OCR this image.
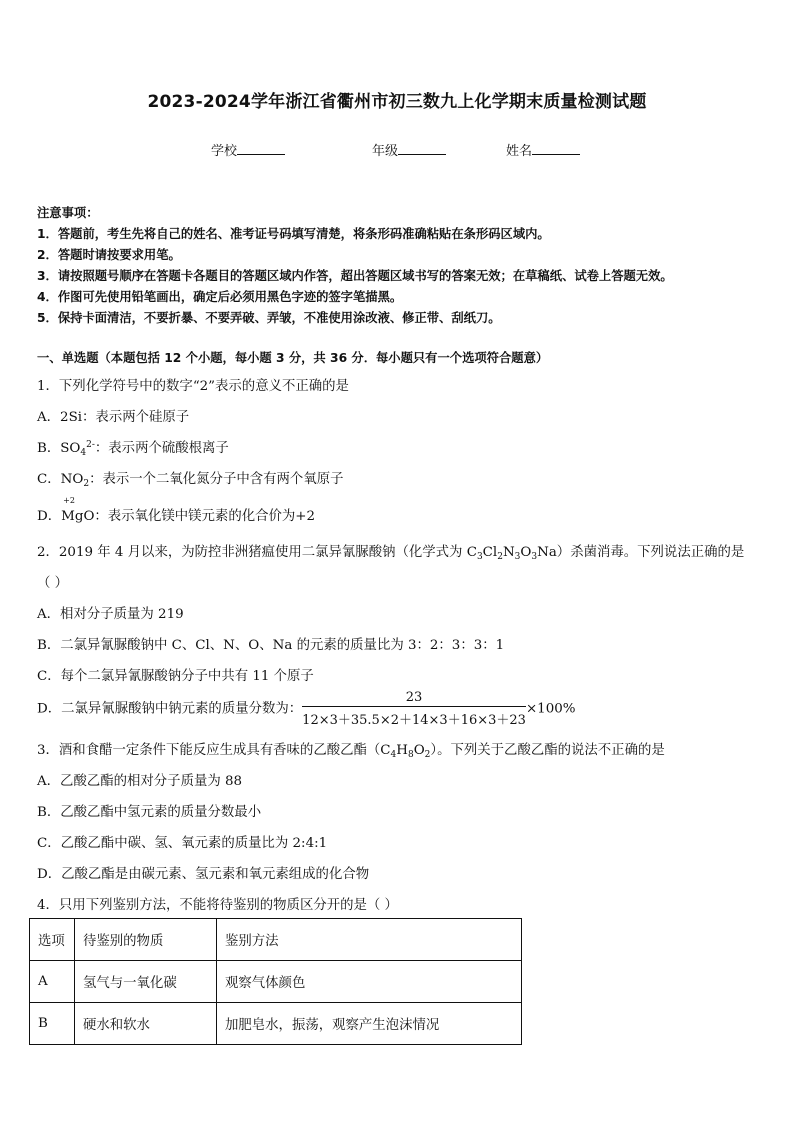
2023-2024学年浙江省衢州市初三数九上化学期末质量检测试题
学校	年级	姓名
注意事项：
1．答题前，考生先将自己的姓名、准考证号码填写清楚，将条形码准确粘贴在条形码区域内。
2．答题时请按要求用笔。
3．请按照题号顺序在答题卡各题目的答题区域内作答，超出答题区域书写的答案无效；在草稿纸、试卷上答题无效。
4．作图可先使用铅笔画出，确定后必须用黑色字迹的签字笔描黑。
5．保持卡面清洁，不要折暴、不要弄破、弄皱，不准使用涂改液、修正带、刮纸刀。
一、单选题（本题包括 12 个小题，每小题 3 分，共 36 分．每小题只有一个选项符合题意）
1．下列化学符号中的数字“2”表示的意义不正确的是
A．2Si：表示两个硅原子
B．$SO_4^{2-}$：表示两个硫酸根离子
C．$NO_2$：表示一个二氧化氮分子中含有两个氧原子
D．
+2
MgO：表示氧化镁中镁元素的化合价为+2
2．2019 年 4 月以来，为防控非洲猪瘟使用二氯异氰脲酸钠（化学式为 $C_3Cl_2N_3O_3Na$）杀菌消毒。下列说法正确的是
（ ）
A．相对分子质量为 219
B．二氯异氰脲酸钠中 C、Cl、N、O、Na 的元素的质量比为 3：2：3：3：1
C．每个二氯异氰脲酸钠分子中共有 11 个原子
D．二氯异氰脲酸钠中钠元素的质量分数为： $\frac{23}{12\times 3+35.5\times 2+14\times 3+16\times 3+23} \times 100\%$
3．酒和食醋一定条件下能反应生成具有香味的乙酸乙酯$(C_4H_8O_2)$。下列关于乙酸乙酯的说法不正确的是
A．乙酸乙酯的相对分子质量为 88
B．乙酸乙酯中氢元素的质量分数最小
C．乙酸乙酯中碳、氢、氧元素的质量比为 2:4:1
D．乙酸乙酯是由碳元素、氢元素和氧元素组成的化合物
4．只用下列鉴别方法，不能将待鉴别的物质区分开的是（ ）
选项	待鉴别的物质	鉴别方法
A	氢气与一氧化碳	观察气体颜色
B	硬水和软水	加肥皂水，振荡，观察产生泡沫情况
